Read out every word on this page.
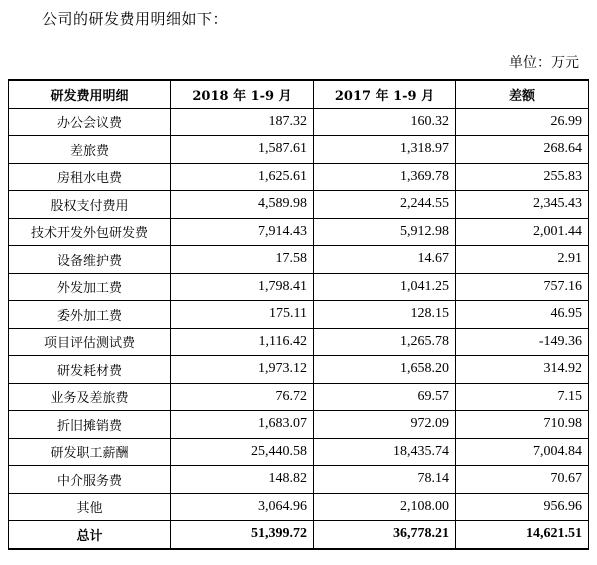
公司的研发费用明细如下：
单位：万元
研发费用明细	2018 年 1-9 月	2017 年 1-9 月	差额
办公会议费	187.32	160.32	26.99
差旅费	1,587.61	1,318.97	268.64
房租水电费	1,625.61	1,369.78	255.83
股权支付费用	4,589.98	2,244.55	2,345.43
技术开发外包研发费	7,914.43	5,912.98	2,001.44
设备维护费	17.58	14.67	2.91
外发加工费	1,798.41	1,041.25	757.16
委外加工费	175.11	128.15	46.95
项目评估测试费	1,116.42	1,265.78	-149.36
研发耗材费	1,973.12	1,658.20	314.92
业务及差旅费	76.72	69.57	7.15
折旧摊销费	1,683.07	972.09	710.98
研发职工薪酬	25,440.58	18,435.74	7,004.84
中介服务费	148.82	78.14	70.67
其他	3,064.96	2,108.00	956.96
总计	51,399.72	36,778.21	14,621.51
